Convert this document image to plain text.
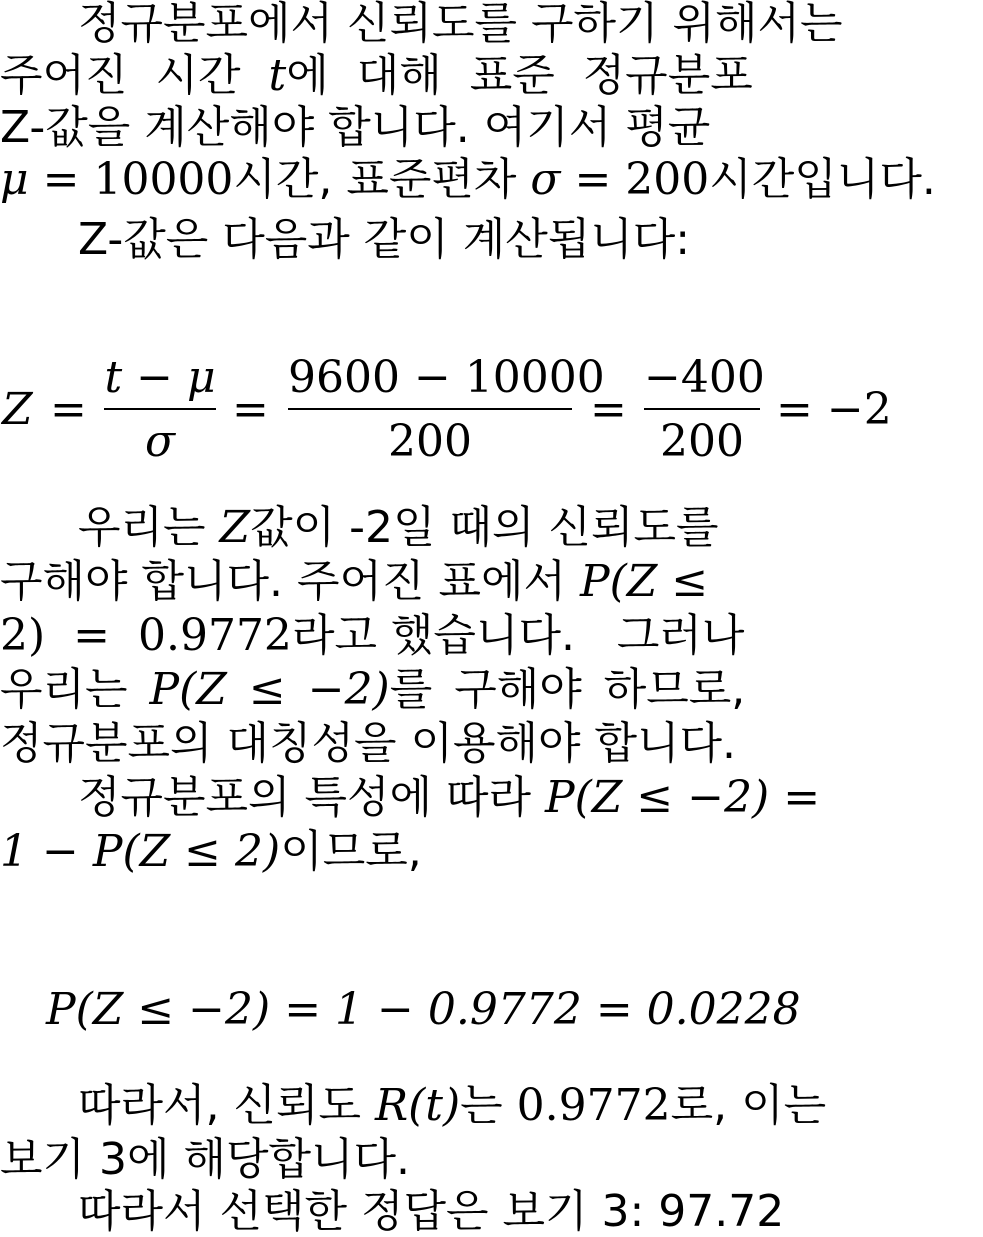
정규분포에서 신뢰도를 구하기 위해서는
주어진 시간 t에 대해 표준 정규분포
Z-값을 계산해야 합니다. 여기서 평균
μ = 10000시간, 표준편차 σ = 200시간입니다.
Z-값은 다음과 같이 계산됩니다:
Z =
t − μ
σ
=
9600 − 10000
200
=
−400
200
= −2
우리는 Z값이 -2일 때의 신뢰도를
구해야 합니다. 주어진 표에서 P(Z ≤
2)  =  0.9772라고 했습니다.   그러나
우리는 P(Z ≤ −2)를 구해야 하므로,
정규분포의 대칭성을 이용해야 합니다.
정규분포의 특성에 따라 P(Z ≤ −2) =
1 − P(Z ≤ 2)이므로,
P(Z ≤ −2) = 1 − 0.9772 = 0.0228
따라서, 신뢰도 R(t)는 0.9772로, 이는
보기 3에 해당합니다.
따라서 선택한 정답은 보기 3: 97.72
